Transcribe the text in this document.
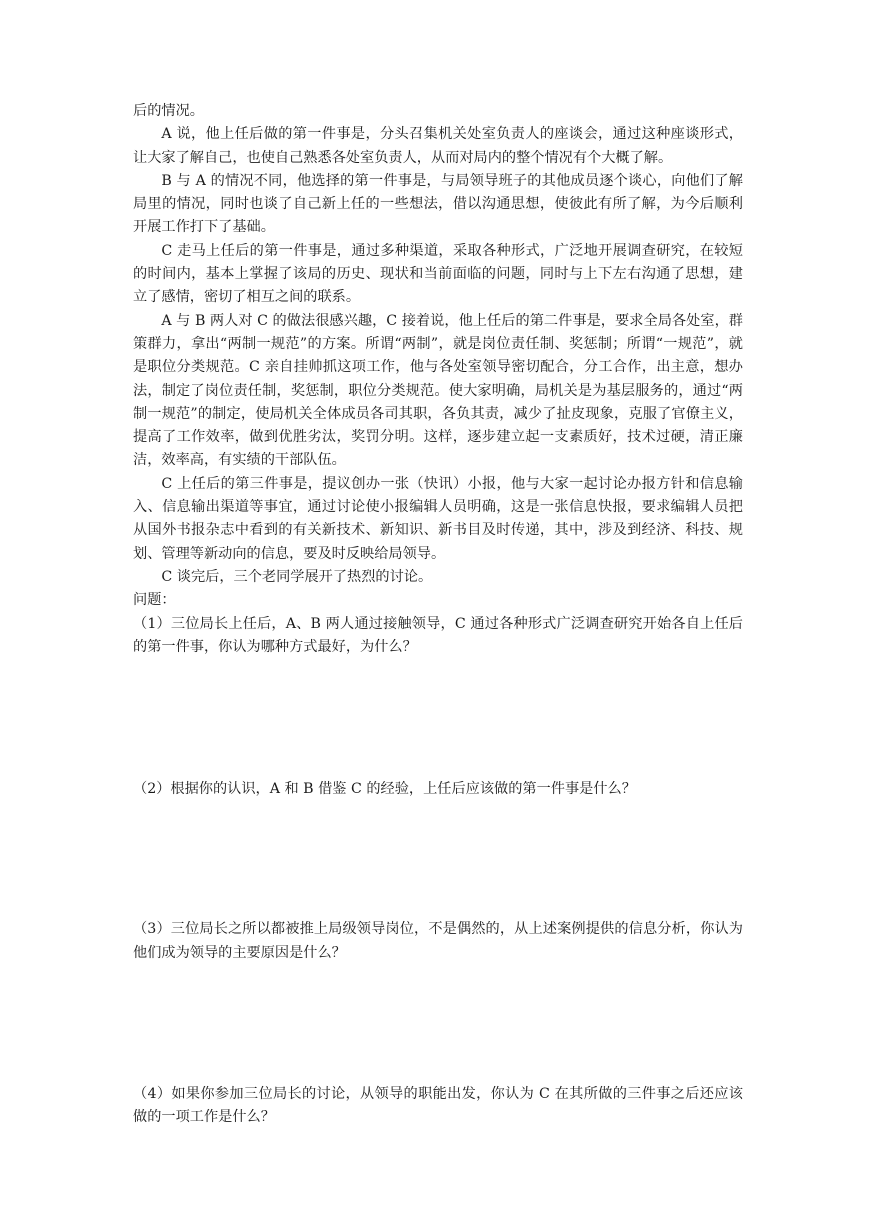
后的情况。

A 说，他上任后做的第一件事是，分头召集机关处室负责人的座谈会，通过这种座谈形式，让大家了解自己，也使自己熟悉各处室负责人，从而对局内的整个情况有个大概了解。

B 与 A 的情况不同，他选择的第一件事是，与局领导班子的其他成员逐个谈心，向他们了解局里的情况，同时也谈了自己新上任的一些想法，借以沟通思想，使彼此有所了解，为今后顺利开展工作打下了基础。

C 走马上任后的第一件事是，通过多种渠道，采取各种形式，广泛地开展调查研究，在较短的时间内，基本上掌握了该局的历史、现状和当前面临的问题，同时与上下左右沟通了思想，建立了感情，密切了相互之间的联系。

A 与 B 两人对 C 的做法很感兴趣，C 接着说，他上任后的第二件事是，要求全局各处室，群策群力，拿出“两制一规范”的方案。所谓“两制”，就是岗位责任制、奖惩制；所谓“一规范”，就是职位分类规范。C 亲自挂帅抓这项工作，他与各处室领导密切配合，分工合作，出主意，想办法，制定了岗位责任制，奖惩制，职位分类规范。使大家明确，局机关是为基层服务的，通过“两制一规范”的制定，使局机关全体成员各司其职，各负其责，减少了扯皮现象，克服了官僚主义，提高了工作效率，做到优胜劣汰，奖罚分明。这样，逐步建立起一支素质好，技术过硬，清正廉洁，效率高，有实绩的干部队伍。

C 上任后的第三件事是，提议创办一张（快讯）小报，他与大家一起讨论办报方针和信息输入、信息输出渠道等事宜，通过讨论使小报编辑人员明确，这是一张信息快报，要求编辑人员把从国外书报杂志中看到的有关新技术、新知识、新书目及时传递，其中，涉及到经济、科技、规划、管理等新动向的信息，要及时反映给局领导。

C 谈完后，三个老同学展开了热烈的讨论。

问题：

（1）三位局长上任后，A、B 两人通过接触领导，C 通过各种形式广泛调查研究开始各自上任后的第一件事，你认为哪种方式最好，为什么？

（2）根据你的认识，A 和 B 借鉴 C 的经验，上任后应该做的第一件事是什么？

（3）三位局长之所以都被推上局级领导岗位，不是偶然的，从上述案例提供的信息分析，你认为他们成为领导的主要原因是什么？

（4）如果你参加三位局长的讨论，从领导的职能出发，你认为 C 在其所做的三件事之后还应该做的一项工作是什么？
